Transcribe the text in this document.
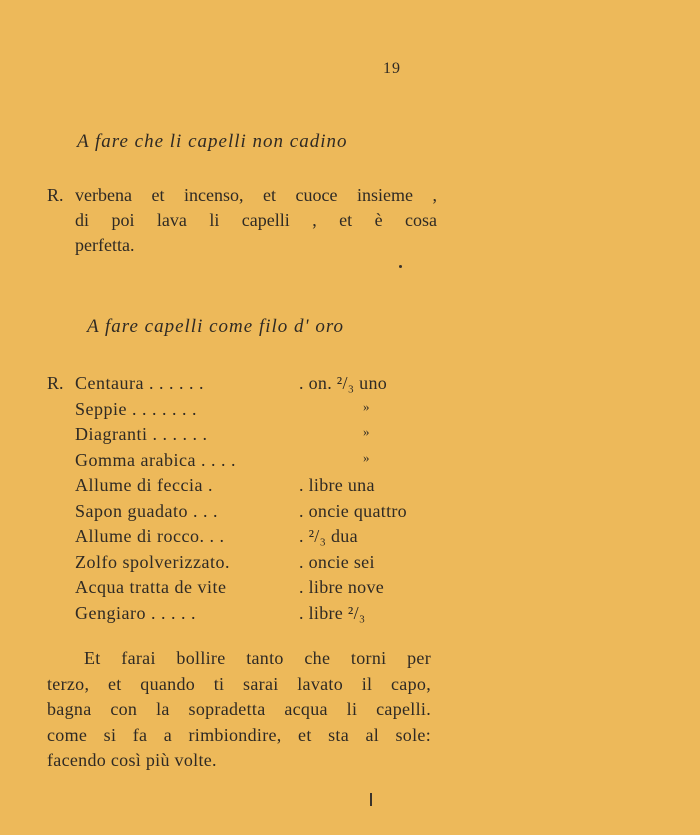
19
A fare che li capelli non cadino
R. verbena et incenso, et cuoce insieme ,
di poi lava li capelli , et è cosa
perfetta.
A fare capelli come filo d' oro
R. Centaura . . . . . .	. on. ²/₃ uno
Seppie . . . . . . .	»
Diagranti . . . . . .	»
Gomma arabica . . . .	»
Allume di feccia .	. libre una
Sapon guadato . . .	. oncie quattro
Allume di rocco. . .	. ²/₃ dua
Zolfo spolverizzato.	. oncie sei
Acqua tratta de vite	. libre nove
Gengiaro . . . . .	. libre ²/₃
Et farai bollire tanto che torni per
terzo, et quando ti sarai lavato il capo,
bagna con la sopradetta acqua li capelli.
come si fa a rimbiondire, et sta al sole:
facendo così più volte.
